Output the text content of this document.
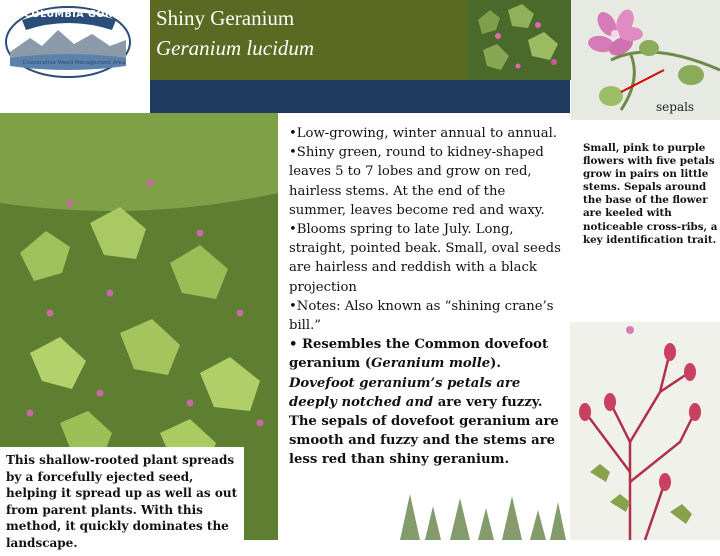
COLUMBIA GORGE
Cooperative Weed Management Area
Shiny Geranium
Geranium lucidum
sepals

This shallow-rooted plant spreads by a forcefully ejected seed, helping it spread up as well as out from parent plants. With this method, it quickly dominates the landscape.

•Low-growing, winter annual to annual.
•Shiny green, round to kidney-shaped leaves 5 to 7 lobes and grow on red, hairless stems. At the end of the summer, leaves become red and waxy.
•Blooms spring to late July. Long, straight, pointed beak. Small, oval seeds are hairless and reddish with a black projection
•Notes: Also known as “shining crane’s bill.”
• Resembles the Common dovefoot geranium (Geranium molle). Dovefoot geranium’s petals are deeply notched and are very fuzzy. The sepals of dovefoot geranium are smooth and fuzzy and the stems are less red than shiny geranium.
Small, pink to purple flowers with five petals grow in pairs on little stems. Sepals around the base of the flower are keeled with noticeable cross-ribs, a key identification trait.
